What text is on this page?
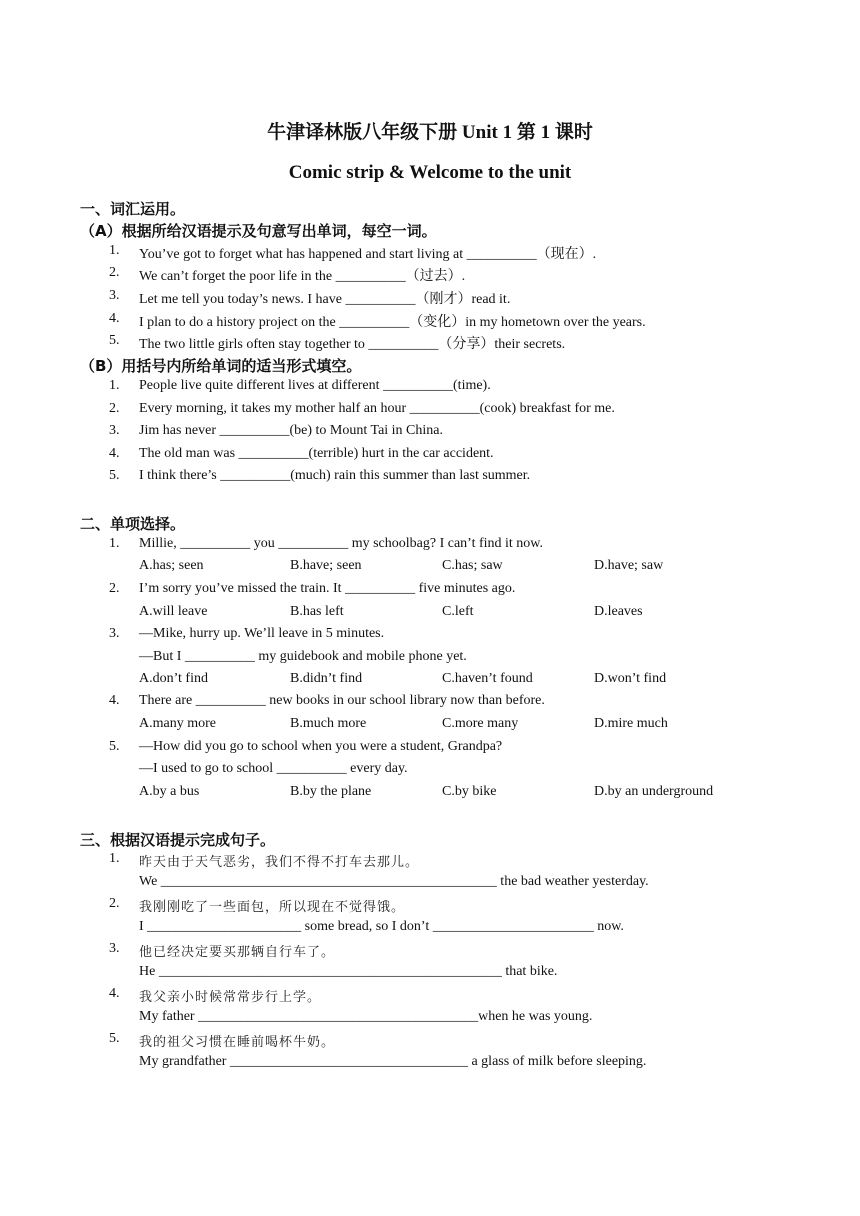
牛津译林版八年级下册 Unit 1 第 1 课时
Comic strip & Welcome to the unit
一、词汇运用。
（A）根据所给汉语提示及句意写出单词，每空一词。
1. You’ve got to forget what has happened and start living at __________（现在）.
2. We can’t forget the poor life in the __________（过去）.
3. Let me tell you today’s news. I have __________（刚才）read it.
4. I plan to do a history project on the __________（变化）in my hometown over the years.
5. The two little girls often stay together to __________（分享）their secrets.
（B）用括号内所给单词的适当形式填空。
1. People live quite different lives at different __________(time).
2. Every morning, it takes my mother half an hour __________(cook) breakfast for me.
3. Jim has never __________(be) to Mount Tai in China.
4. The old man was __________(terrible) hurt in the car accident.
5. I think there’s __________(much) rain this summer than last summer.
二、单项选择。
1. Millie, __________ you __________ my schoolbag? I can’t find it now.
A.has; seen	B.have; seen	C.has; saw	D.have; saw
2. I’m sorry you’ve missed the train. It __________ five minutes ago.
A.will leave	B.has left	C.left	D.leaves
3. —Mike, hurry up. We’ll leave in 5 minutes.
—But I __________ my guidebook and mobile phone yet.
A.don’t find	B.didn’t find	C.haven’t found	D.won’t find
4. There are __________ new books in our school library now than before.
A.many more	B.much more	C.more many	D.mire much
5. —How did you go to school when you were a student, Grandpa?
—I used to go to school __________ every day.
A.by a bus	B.by the plane	C.by bike	D.by an underground
三、根据汉语提示完成句子。
1. 昨天由于天气恶劣，我们不得不打车去那儿。
We ________________________________________________ the bad weather yesterday.
2. 我刚刚吃了一些面包，所以现在不觉得饿。
I ______________________ some bread, so I don’t _______________________ now.
3. 他已经决定要买那辆自行车了。
He _________________________________________________ that bike.
4. 我父亲小时候常常步行上学。
My father ________________________________________when he was young.
5. 我的祖父习惯在睡前喝杯牛奶。
My grandfather __________________________________ a glass of milk before sleeping.
